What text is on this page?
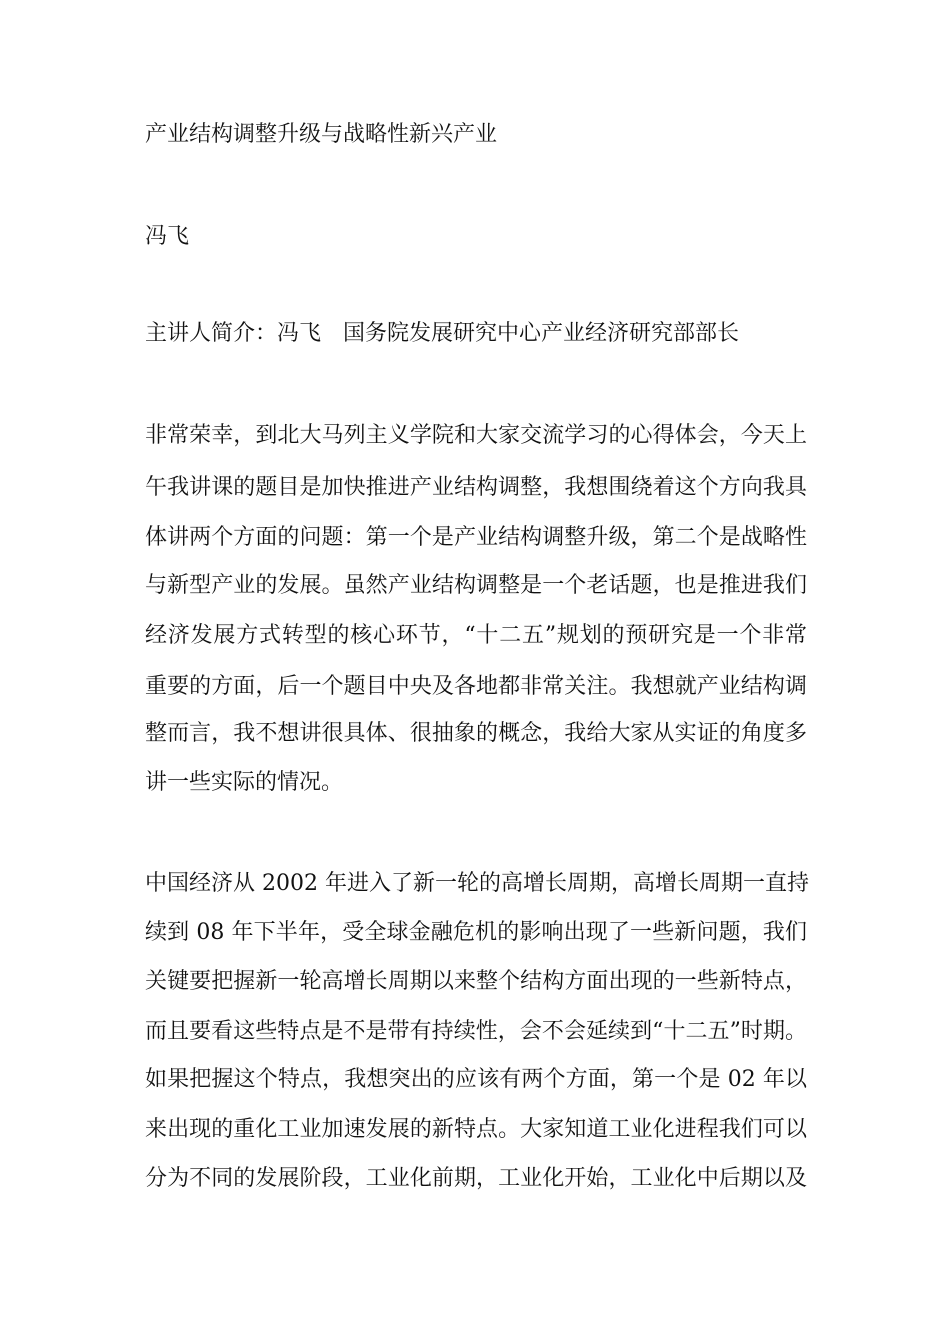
产业结构调整升级与战略性新兴产业
冯飞
主讲人简介：冯飞　国务院发展研究中心产业经济研究部部长
非常荣幸，到北大马列主义学院和大家交流学习的心得体会，今天上
午我讲课的题目是加快推进产业结构调整，我想围绕着这个方向我具
体讲两个方面的问题：第一个是产业结构调整升级，第二个是战略性
与新型产业的发展。虽然产业结构调整是一个老话题，也是推进我们
经济发展方式转型的核心环节，“十二五”规划的预研究是一个非常
重要的方面，后一个题目中央及各地都非常关注。我想就产业结构调
整而言，我不想讲很具体、很抽象的概念，我给大家从实证的角度多
讲一些实际的情况。
中国经济从 2002 年进入了新一轮的高增长周期，高增长周期一直持
续到 08 年下半年，受全球金融危机的影响出现了一些新问题，我们
关键要把握新一轮高增长周期以来整个结构方面出现的一些新特点，
而且要看这些特点是不是带有持续性，会不会延续到“十二五”时期。
如果把握这个特点，我想突出的应该有两个方面，第一个是 02 年以
来出现的重化工业加速发展的新特点。大家知道工业化进程我们可以
分为不同的发展阶段，工业化前期，工业化开始，工业化中后期以及
